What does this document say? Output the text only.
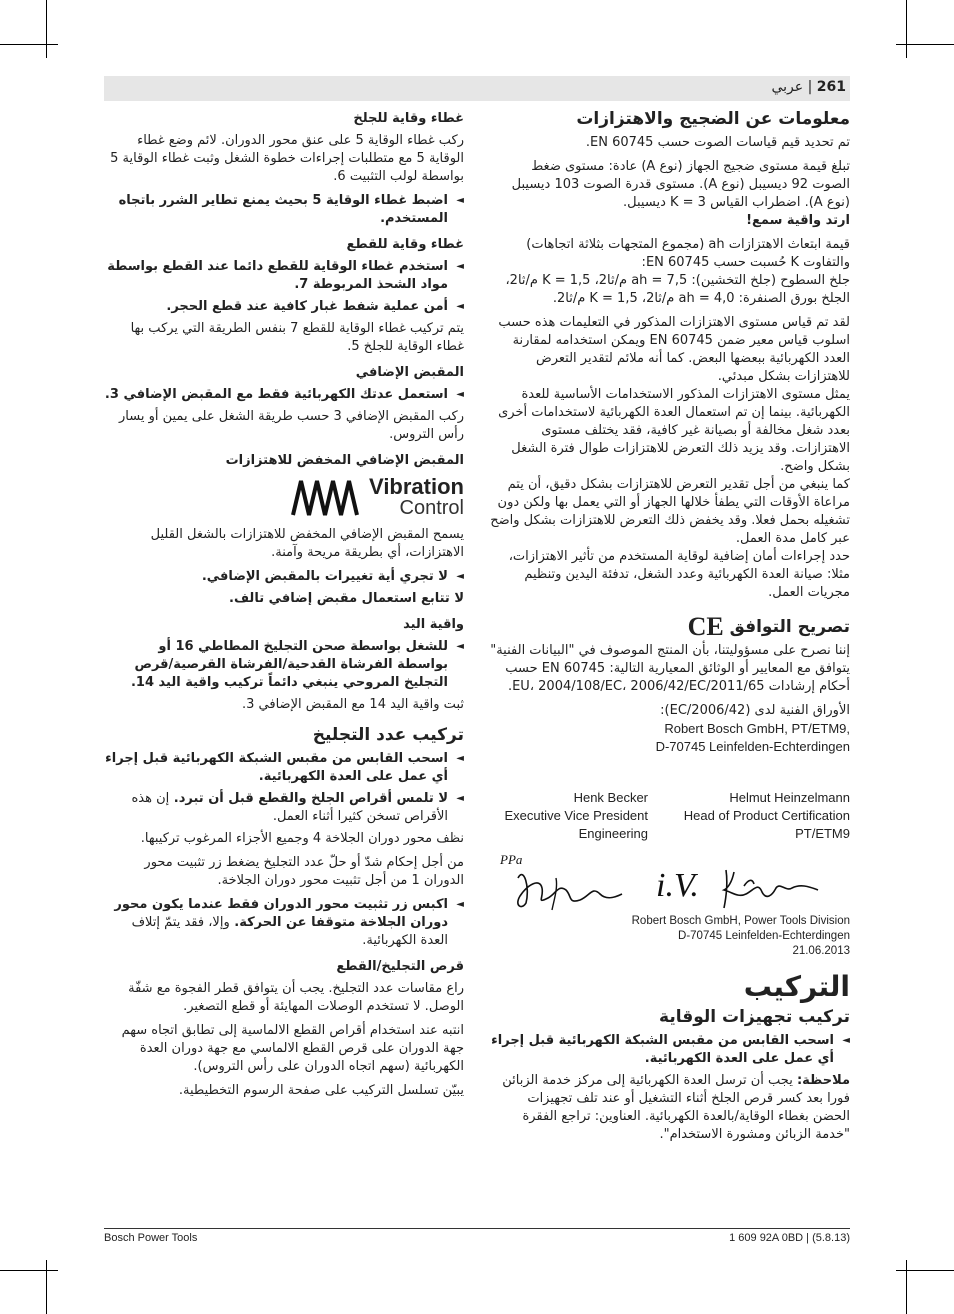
261 | عربي
معلومات عن الضجيج والاهتزازات

تم تحديد قيم قياسات الصوت حسب EN 60745.

تبلغ قيمة مستوى ضجيج الجهاز (نوع A) عادة: مستوى ضغط الصوت 92 ديسيبل (نوع A). مستوى قدرة الصوت 103 ديسيبل (نوع A). اضطراب القياس K = 3 ديسيبل.

ارتد واقية سمع!

قيمة ابتعاث الاهتزازات ah (مجموع المتجهات بثلاثة اتجاهات) والتفاوت K حُسبت حسب EN 60745:

جلخ السطوح (جلخ التخشين): ah = 7,5 م/ثا2، K = 1,5 م/ثا2،

الجلخ بورق الصنفرة: ah = 4,0 م/ثا2، K = 1,5 م/ثا2.

لقد تم قياس مستوى الاهتزازات المذكور في التعليمات هذه حسب اسلوب قياس معير ضمن EN 60745 ويمكن استخدامه لمقارنة العدد الكهربائية ببعضها البعض. كما أنه ملائم لتقدير التعرض للاهتزازات بشكل مبدئي.

يمثل مستوى الاهتزازات المذكور الاستخدامات الأساسية للعدة الكهربائية. بينما إن تم استعمال العدة الكهربائية لاستخدامات أخرى بعدد شغل مخالفة أو بصيانة غير كافية، فقد يختلف مستوى الاهتزازات. وقد يزيد ذلك التعرض للاهتزازات طوال فترة الشغل بشكل واضح.

كما ينبغي من أجل تقدير التعرض للاهتزازات بشكل دقيق، أن يتم مراعاة الأوقات التي يطفأ خلالها الجهاز أو التي يعمل بها ولكن دون تشغيله بحمل فعلا. وقد يخفض ذلك التعرض للاهتزازات بشكل واضح عبر كامل مدة العمل.

حدد إجراءات أمان إضافية لوقاية المستخدم من تأثير الاهتزازات، مثلا: صيانة العدة الكهربائية وعدد الشغل، تدفئة اليدين وتنظيم مجريات العمل.

تصريح التوافق CE

إننا نصرح على مسؤوليتنا، بأن المنتج الموصوف في "البيانات الفنية" يتوافق مع المعايير أو الوثائق المعيارية التالية: EN 60745 حسب أحكام إرشادات 2011/65/EU، 2004/108/EC، 2006/42/EC.

الأوراق الفنية لدى (2006/42/EC):

Robert Bosch GmbH, PT/ETM9,
D-70745 Leinfelden-Echterdingen
Henk Becker
Executive Vice President
Engineering
Helmut Heinzelmann
Head of Product Certification
PT/ETM9
PPa
i.V.
Robert Bosch GmbH, Power Tools Division
D-70745 Leinfelden-Echterdingen
21.06.2013
التركيب
تركيب تجهيزات الوقاية
◄ اسحب القابس من مقبس الشبكة الكهربائية قبل إجراء أي عمل على العدة الكهربائية.

ملاحظة: يجب أن ترسل العدة الكهربائية إلى مركز خدمة الزبائن فورا بعد كسر قرص الجلخ أثناء التشغيل أو عند تلف تجهيزات الحضن بغطاء الوقاية/بالعدة الكهربائية. العناوين: تراجع الفقرة "خدمة الزبائن ومشورة الاستخدام".

غطاء وقاية للجلخ

ركب غطاء الوقاية 5 على عنق محور الدوران. لائم وضع غطاء الوقاية 5 مع متطلبات إجراءات خطوة الشغل وثبت غطاء الوقاية 5 بواسطة لولب التثبيت 6.

◄ اضبط غطاء الوقاية 5 بحيث يمنع تطاير الشرر باتجاه المستخدم.
غطاء وقاية للقطع
◄ استخدم غطاء الوقاية للقطع دائما عند القطع بواسطة مواد الشحذ المربوطة 7.
◄ أمن عملية شفط غبار كافية عند قطع الحجر.

يتم تركيب غطاء الوقاية للقطع 7 بنفس الطريقة التي يركب بها غطاء الوقاية للجلخ 5.

المقبض الإضافي
◄ استعمل عدتك الكهربائية فقط مع المقبض الإضافي 3.

ركب المقبض الإضافي 3 حسب طريقة الشغل على يمين أو يسار رأس التروس.

المقبض الإضافي المخفض للاهتزازات
Vibration
Control

يسمح المقبض الإضافي المخفض للاهتزازات بالشغل القليل الاهتزازات، أي بطريقة مريحة وآمنة.

◄ لا تجري أية تغييرات بالمقبض الإضافي.

لا تتابع استعمال مقبض إضافي تالف.

واقية اليد
◄ للشغل بواسطة صحن التجليخ المطاطي 16 أو بواسطة الفرشاة القدحية/الفرشاة القرصية/قرص التجليخ المروحي ينبغي دائماً تركيب واقية اليد 14.

ثبت واقية اليد 14 مع المقبض الإضافي 3.

تركيب عدد التجليخ
◄ اسحب القابس من مقبس الشبكة الكهربائية قبل إجراء أي عمل على العدة الكهربائية.
◄ لا تلمس أقراص الجلخ والقطع قبل أن تبرد. إن هذه الأقراص تسخن كثيرا أثناء العمل.

نظف محور دوران الجلاخة 4 وجميع الأجزاء المرغوب تركيبها.

من أجل إحكام شدّ أو حلّ عدد التجليخ يضغط زر تثبيت محور الدوران 1 من أجل تثبيت محور دوران الجلاخة.

◄ اكبس زر تثبيت محور الدوران فقط عندما يكون محور دوران الجلاخة متوقفا عن الحركة. وإلا، فقد يتمّ إتلاف العدة الكهربائية.
قرص التجليخ/القطع

راع مقاسات عدد التجليخ. يجب أن يتوافق قطر الفجوة مع شفّة الوصل. لا تستخدم الوصلات المهايئة أو قطع التصغير.

انتبه عند استخدام أقراص القطع الالماسية إلى تطابق اتجاه سهم جهة الدوران على قرص القطع الالماسي مع جهة دوران العدة الكهربائية (سهم اتجاه الدوران على رأس التروس).

يبيّن تسلسل التركيب على صفحة الرسوم التخطيطية.

Bosch Power Tools	1 609 92A 0BD | (5.8.13)
